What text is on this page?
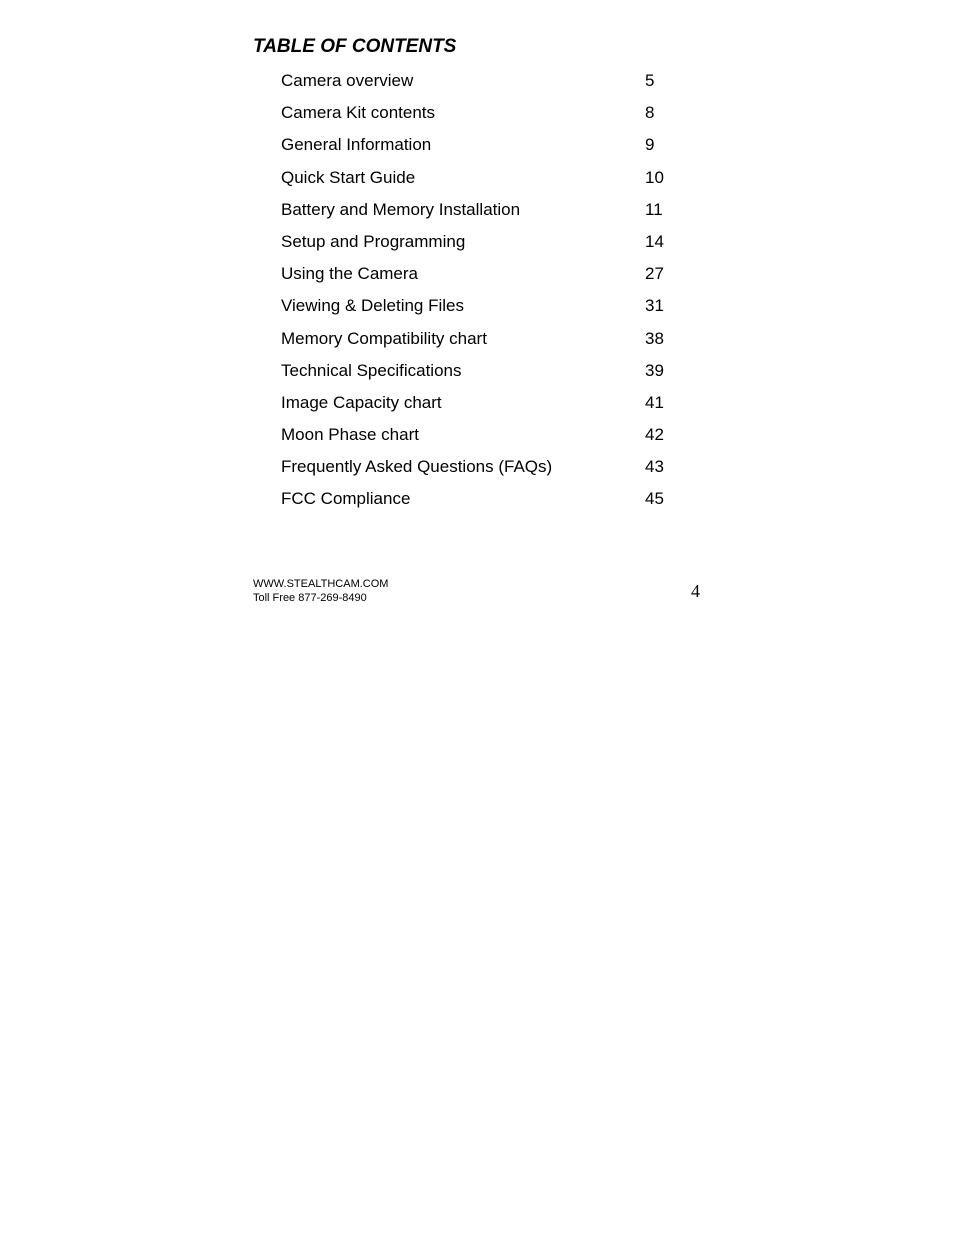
TABLE OF CONTENTS
Camera overview	5
Camera Kit contents	8
General Information	9
Quick Start Guide	10
Battery and Memory Installation	11
Setup and Programming	14
Using the Camera	27
Viewing & Deleting Files	31
Memory Compatibility chart	38
Technical Specifications	39
Image Capacity chart	41
Moon Phase chart	42
Frequently Asked Questions (FAQs)	43
FCC Compliance	45
WWW.STEALTHCAM.COM
Toll Free 877-269-8490	4
